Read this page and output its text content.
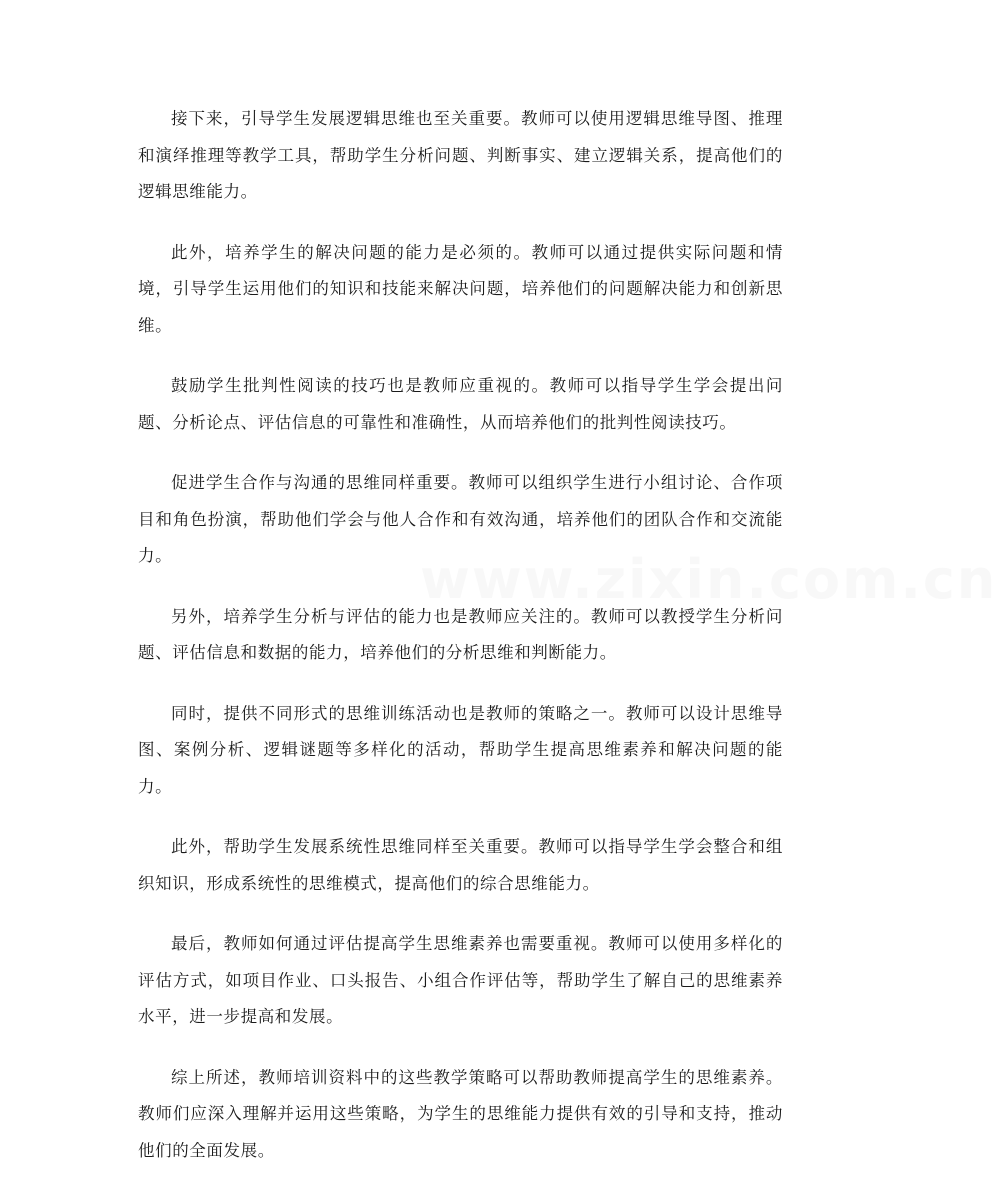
www.zixin.com.cn

接下来，引导学生发展逻辑思维也至关重要。教师可以使用逻辑思维导图、推理和演绎推理等教学工具，帮助学生分析问题、判断事实、建立逻辑关系，提高他们的逻辑思维能力。

此外，培养学生的解决问题的能力是必须的。教师可以通过提供实际问题和情境，引导学生运用他们的知识和技能来解决问题，培养他们的问题解决能力和创新思维。

鼓励学生批判性阅读的技巧也是教师应重视的。教师可以指导学生学会提出问题、分析论点、评估信息的可靠性和准确性，从而培养他们的批判性阅读技巧。

促进学生合作与沟通的思维同样重要。教师可以组织学生进行小组讨论、合作项目和角色扮演，帮助他们学会与他人合作和有效沟通，培养他们的团队合作和交流能力。

另外，培养学生分析与评估的能力也是教师应关注的。教师可以教授学生分析问题、评估信息和数据的能力，培养他们的分析思维和判断能力。

同时，提供不同形式的思维训练活动也是教师的策略之一。教师可以设计思维导图、案例分析、逻辑谜题等多样化的活动，帮助学生提高思维素养和解决问题的能力。

此外，帮助学生发展系统性思维同样至关重要。教师可以指导学生学会整合和组织知识，形成系统性的思维模式，提高他们的综合思维能力。

最后，教师如何通过评估提高学生思维素养也需要重视。教师可以使用多样化的评估方式，如项目作业、口头报告、小组合作评估等，帮助学生了解自己的思维素养水平，进一步提高和发展。

综上所述，教师培训资料中的这些教学策略可以帮助教师提高学生的思维素养。教师们应深入理解并运用这些策略，为学生的思维能力提供有效的引导和支持，推动他们的全面发展。
